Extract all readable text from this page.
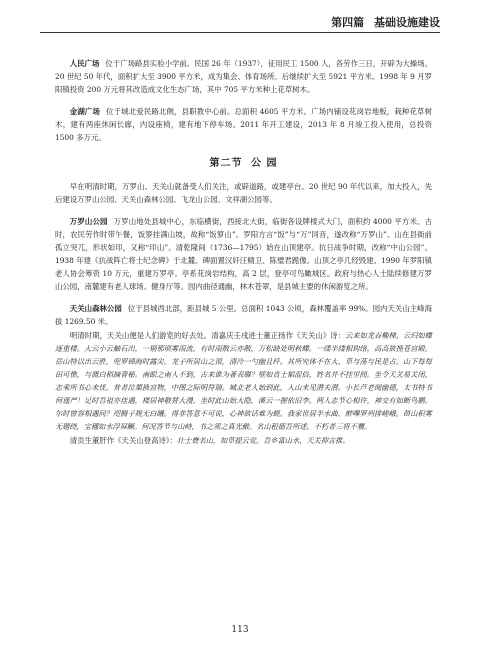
第四篇 基础设施建设

人民广场 位于广场路县实验小学前。民国 26 年（1937），征用民工 1500 人，各劳作三日，开辟为大操场。20 世纪 50 年代，面积扩大至 3900 平方米，成为集会、体育场所。后继续扩大至 5921 平方米。1998 年 9 月罗阳镇投资 200 万元将其改造成文化生态广场，其中 705 平方米种上花草树木。

金湖广场 位于城北爱民路北侧，县职教中心前。总面积 4605 平方米。广场内铺设花岗岩地板，栽种花草树木，建有两座休闲长廊，内设座椅，建有地下停车场。2011 年开工建设，2013 年 8 月竣工投入使用，总投资 1500 多万元。

第二节 公 园

早在明清时期，万罗山、天关山就备受人们关注，或辟道路，或建亭台。20 世纪 90 年代以来，加大投入，先后建设万罗山公园、天关山森林公园、飞龙山公园、文祥湖公园等。

万罗山公园 万罗山地处县城中心，东临横街，西接北大街，临街各设牌楼式大门，面积约 4000 平方米。古时，农民劳作时带午餐，饭箩挂满山坡，故称“饭箩山”。罗阳方言“饭”与“万”同音，遂改称“万罗山”。山在县衙前孤立突兀，形状如印，又称“印山”。清乾隆间（1736—1795）始在山顶建亭。抗日战争时期，改称“中山公园”。1938 年建《抗战阵亡将士纪念碑》于北麓。碑面置汉奸汪精卫、陈璧君跪像。山顶之亭几经毁建。1990 年罗阳镇老人协会筹资 10 万元，重建万罗亭。亭系花岗岩结构，高 2 层，登亭可鸟瞰城区。政府与热心人士陆续修建万罗山公园，南麓建有老人球场、健身厅等。园内曲径通幽，林木苍翠，是县城主要的休闲游览之所。

天关山森林公园 位于县城西北部，距县城 5 公里。总面积 1043 公顷，森林覆盖率 99%。园内天关山主峰海拔 1269.50 米。

明清时期，天关山便是人们游览的好去处。清嘉庆壬戌进士董正扬作《天关山》诗：云来如龙吞椭梯，云归如蝶逐重楼。大云小云触石出，一剔那顷雾雨流。有时雨散云亦散，万松缺处明秋蝶。一缕半缕相钩络，高高欲挽苍宫殿。岳山特以出云胜，兜罗锦海时露尖。龙子所居山之顶，清冷一勺幽且纤。其所究体不在大，草与荡与民是占。山下每每田可憔，与溉白稻摘青秘。南眼之南人不到，古来谁为著表隳？壁如貞士韬混俗，姓名并不挂里闾。坐令天关易关闭，志乘所书心未忧。昔者泣栗换宫物，中图之际明符瑞。城北老人始到此，入山未见潜夫潜。小长芦老阅幽德，太书特书何谨严！足时吾祖亦佳遇，楼居神敬替大漫。坐时此山始大隐，溪云一握依旧李。两人志节心相许，神交有如断鸟鹏。尔时曾容相遇问？咫腾子规无白曦。得非答意不可说，心神欲话难为蚬。我家世居半水曲，醉嗶罗列排嵯峨。嵤山积雾无题绕，宝穗如水浮屏鳜。何况答节与山峙，书之须之真光敝。名山租德吾所述，不朽者三将不騫。

清贡生董肝作《天关山登高诗》：壮士賚名山，如草提云觉。吾乡富山水，天关抑言推。

113
